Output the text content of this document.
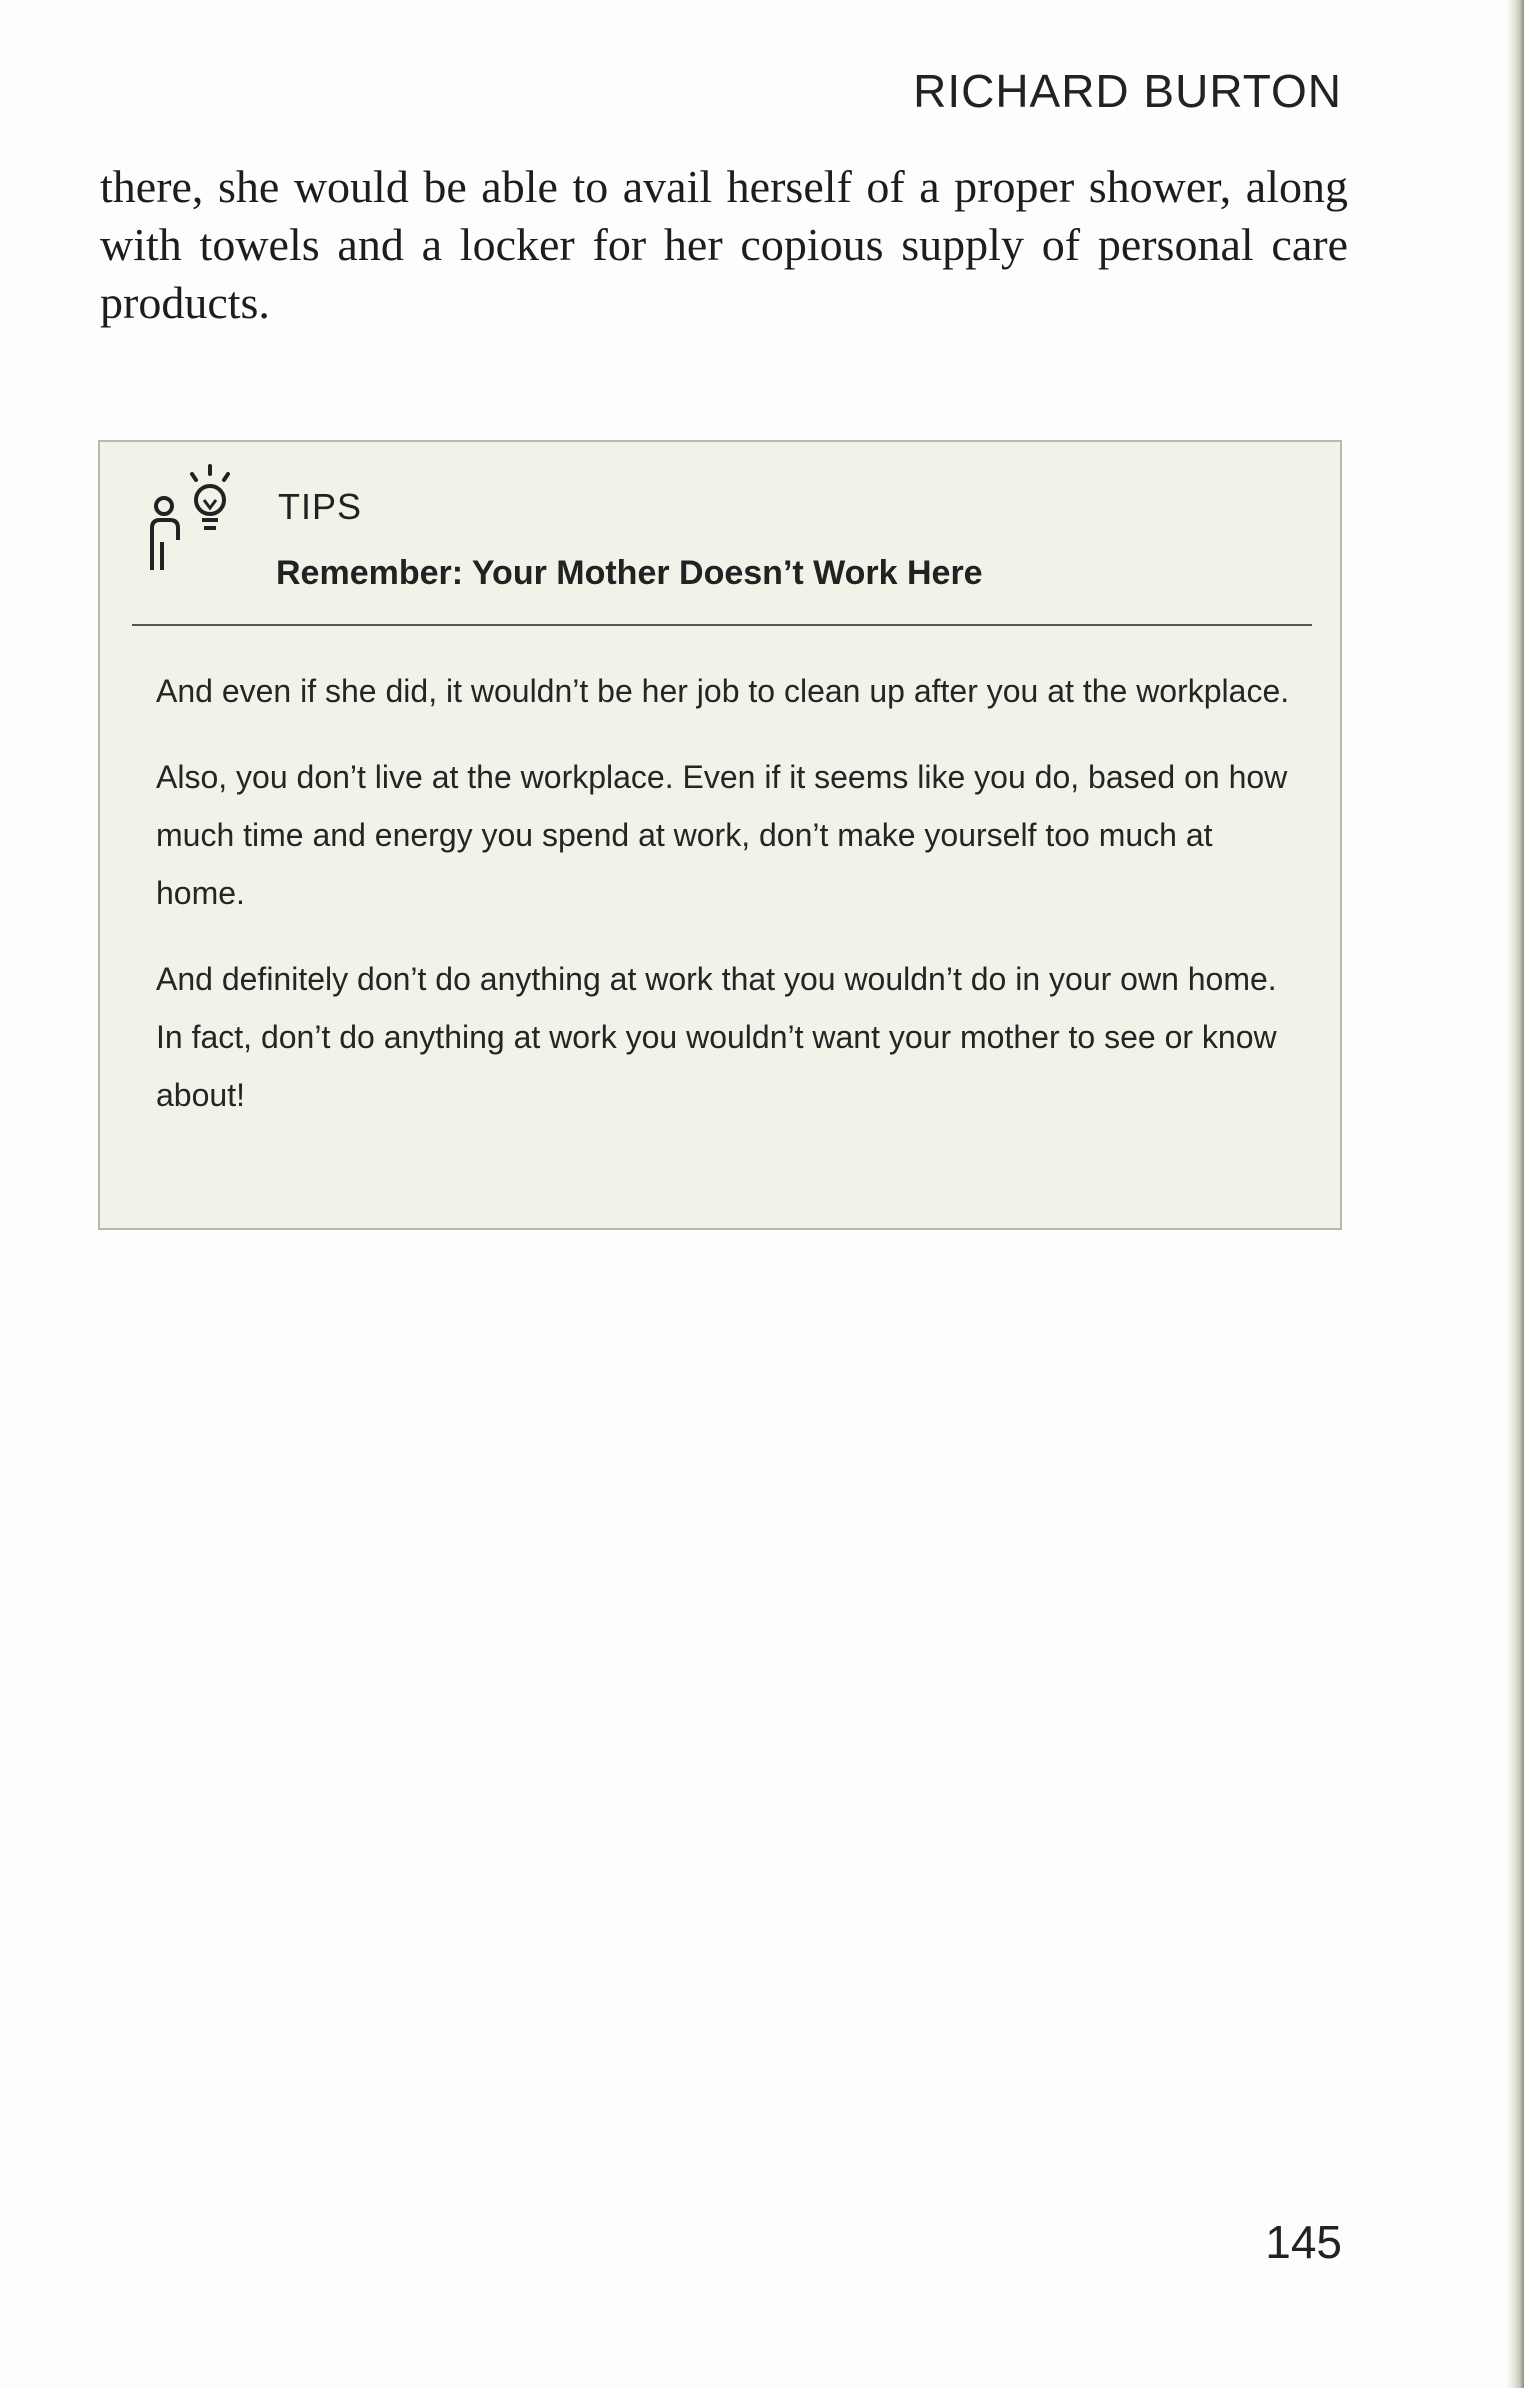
RICHARD BURTON

there, she would be able to avail herself of a proper shower, along with towels and a locker for her copious supply of personal care products.

TIPS
Remember: Your Mother Doesn’t Work Here

And even if she did, it wouldn’t be her job to clean up after you at the workplace.

Also, you don’t live at the workplace. Even if it seems like you do, based on how much time and energy you spend at work, don’t make yourself too much at home.

And definitely don’t do anything at work that you wouldn’t do in your own home. In fact, don’t do anything at work you wouldn’t want your mother to see or know about!

145
